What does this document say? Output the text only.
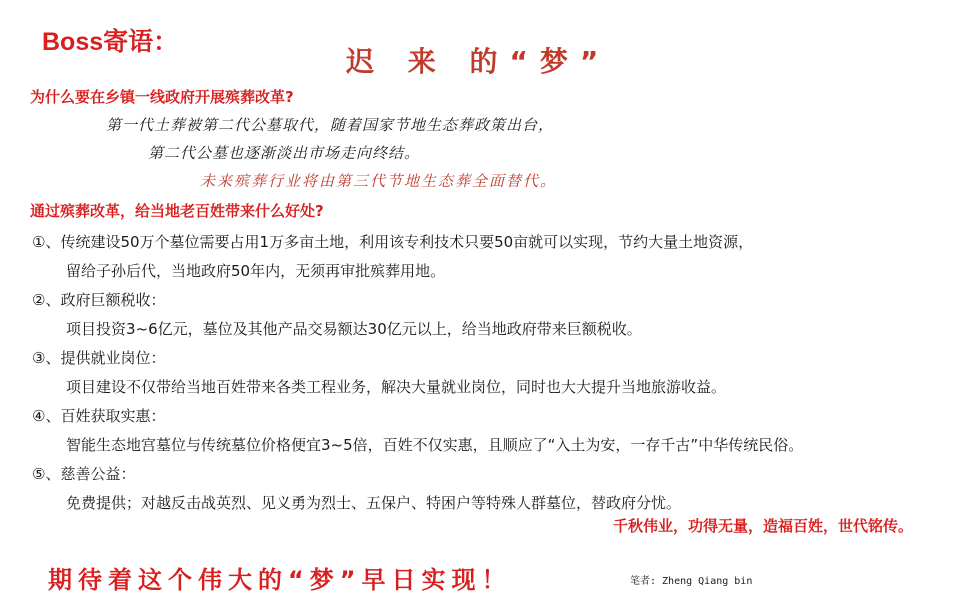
Boss寄语：
迟 来 的“梦”
为什么要在乡镇一线政府开展殡葬改革?
第一代土葬被第二代公墓取代，随着国家节地生态葬政策出台，
第二代公墓也逐渐淡出市场走向终结。
未来殡葬行业将由第三代节地生态葬全面替代。
通过殡葬改革，给当地老百姓带来什么好处?
①、传统建设50万个墓位需要占用1万多亩土地，利用该专利技术只要50亩就可以实现，节约大量土地资源，
留给子孙后代，当地政府50年内，无须再审批殡葬用地。
②、政府巨额税收：
项目投资3~6亿元，墓位及其他产品交易额达30亿元以上，给当地政府带来巨额税收。
③、提供就业岗位：
项目建设不仅带给当地百姓带来各类工程业务，解决大量就业岗位，同时也大大提升当地旅游收益。
④、百姓获取实惠：
智能生态地宫墓位与传统墓位价格便宜3~5倍，百姓不仅实惠，且顺应了“入土为安，一存千古”中华传统民俗。
⑤、慈善公益：
免费提供；对越反击战英烈、见义勇为烈士、五保户、特困户等特殊人群墓位，替政府分忧。
千秋伟业，功得无量，造福百姓，世代铭传。
期待着这个伟大的“梦”早日实现！	笔者: Zheng Qiang bin
